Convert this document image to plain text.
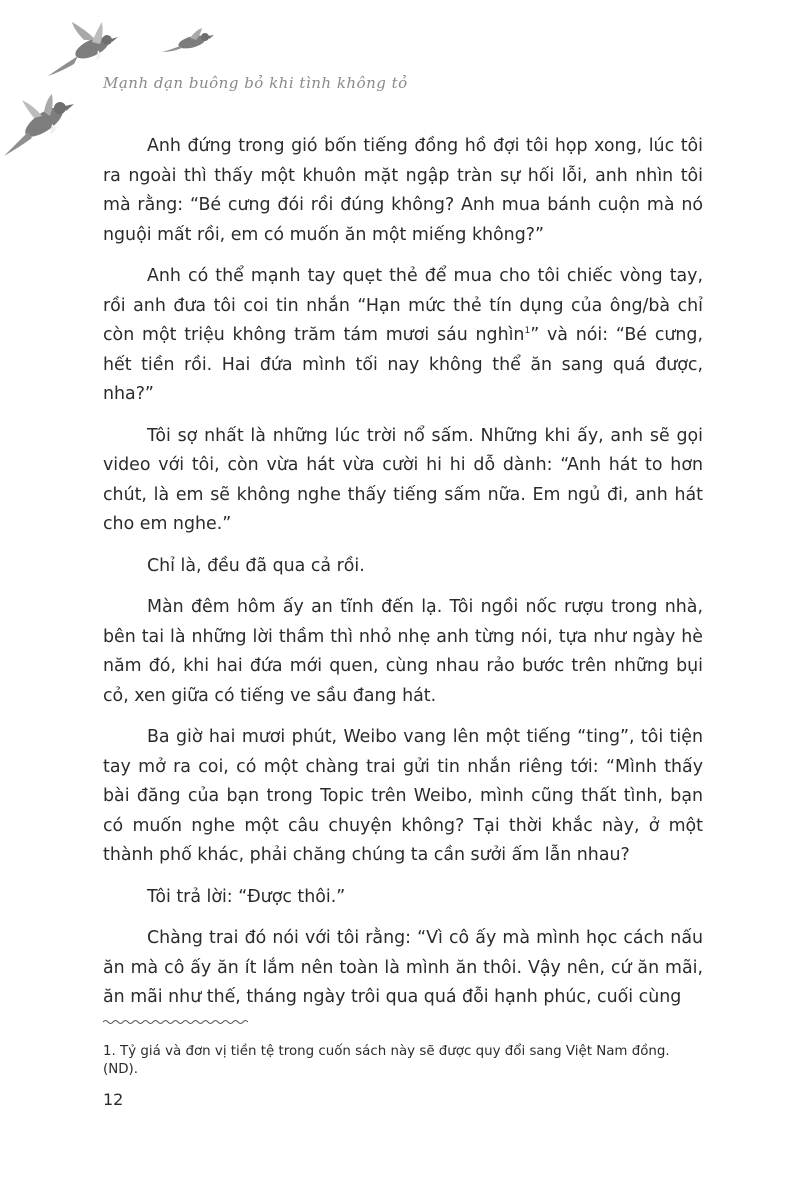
Mạnh dạn buông bỏ khi tình không tỏ

Anh đứng trong gió bốn tiếng đồng hồ đợi tôi họp xong, lúc tôi ra ngoài thì thấy một khuôn mặt ngập tràn sự hối lỗi, anh nhìn tôi mà rằng: “Bé cưng đói rồi đúng không? Anh mua bánh cuộn mà nó nguội mất rồi, em có muốn ăn một miếng không?”

Anh có thể mạnh tay quẹt thẻ để mua cho tôi chiếc vòng tay, rồi anh đưa tôi coi tin nhắn “Hạn mức thẻ tín dụng của ông/bà chỉ còn một triệu không trăm tám mươi sáu nghìn$^1$” và nói: “Bé cưng, hết tiền rồi. Hai đứa mình tối nay không thể ăn sang quá được, nha?”

Tôi sợ nhất là những lúc trời nổ sấm. Những khi ấy, anh sẽ gọi video với tôi, còn vừa hát vừa cười hi hi dỗ dành: “Anh hát to hơn chút, là em sẽ không nghe thấy tiếng sấm nữa. Em ngủ đi, anh hát cho em nghe.”

Chỉ là, đều đã qua cả rồi.

Màn đêm hôm ấy an tĩnh đến lạ. Tôi ngồi nốc rượu trong nhà, bên tai là những lời thầm thì nhỏ nhẹ anh từng nói, tựa như ngày hè năm đó, khi hai đứa mới quen, cùng nhau rảo bước trên những bụi cỏ, xen giữa có tiếng ve sầu đang hát.

Ba giờ hai mươi phút, Weibo vang lên một tiếng “ting”, tôi tiện tay mở ra coi, có một chàng trai gửi tin nhắn riêng tới: “Mình thấy bài đăng của bạn trong Topic trên Weibo, mình cũng thất tình, bạn có muốn nghe một câu chuyện không? Tại thời khắc này, ở một thành phố khác, phải chăng chúng ta cần sưởi ấm lẫn nhau?

Tôi trả lời: “Được thôi.”

Chàng trai đó nói với tôi rằng: “Vì cô ấy mà mình học cách nấu ăn mà cô ấy ăn ít lắm nên toàn là mình ăn thôi. Vậy nên, cứ ăn mãi, ăn mãi như thế, tháng ngày trôi qua quá đỗi hạnh phúc, cuối cùng

1. Tỷ giá và đơn vị tiền tệ trong cuốn sách này sẽ được quy đổi sang Việt Nam đồng. (ND).
12
